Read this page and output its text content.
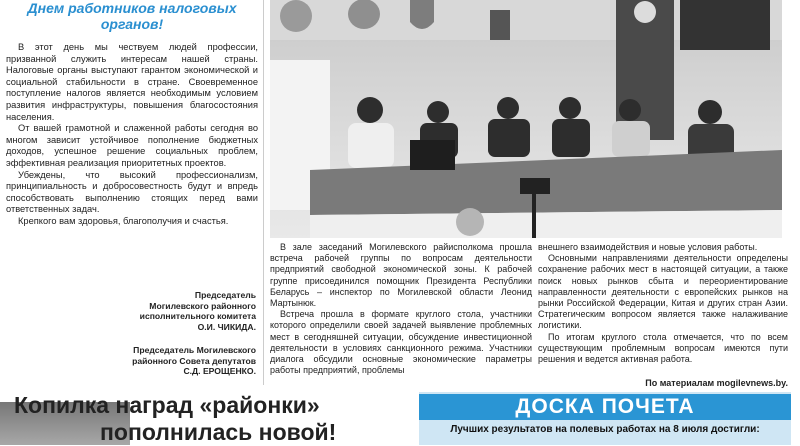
Днем работников налоговых органов!

В этот день мы чествуем людей профессии, призванной служить интересам нашей страны. Налоговые органы выступают гарантом экономической и социальной стабильности в стране. Своевременное поступление налогов является необходимым условием развития инфраструктуры, повышения благосостояния населения.

От вашей грамотной и слаженной работы сегодня во многом зависит устойчивое пополнение бюджетных доходов, успешное решение социальных проблем, эффективная реализация приоритетных проектов.

Убеждены, что высокий профессионализм, принципиальность и добросовестность будут и впредь способствовать выполнению стоящих перед вами ответственных задач.

Крепкого вам здоровья, благополучия и счастья.

Председатель
Могилевского районного
исполнительного комитета
О.И. ЧИКИДА.
Председатель Могилевского
районного Совета депутатов
С.Д. ЕРОЩЕНКО.

В зале заседаний Могилевского райисполкома прошла встреча рабочей группы по вопросам деятельности предприятий свободной экономической зоны. К рабочей группе присоединился помощник Президента Республики Беларусь – инспектор по Могилевской области Леонид Мартынюк.

Встреча прошла в формате круглого стола, участники которого определили своей задачей выявление проблемных мест в сегодняшней ситуации, обсуждение инвестиционной деятельности в условиях санкционного режима. Участники диалога обсудили основные экономические параметры работы предприятий, проблемы

внешнего взаимодействия и новые условия работы.

Основными направлениями деятельности определены сохранение рабочих мест в настоящей ситуации, а также поиск новых рынков сбыта и переориентирование направленности деятельности с европейских рынков на рынки Российской Федерации, Китая и других стран Азии. Стратегическим вопросом является также налаживание логистики.

По итогам круглого стола отмечается, что по всем существующим проблемным вопросам имеются пути решения и ведется активная работа.

По материалам mogilevnews.by.
Копилка наград «районки»
пополнилась новой!
ДОСКА ПОЧЕТА
Лучших результатов на полевых работах на 8 июля достигли:
